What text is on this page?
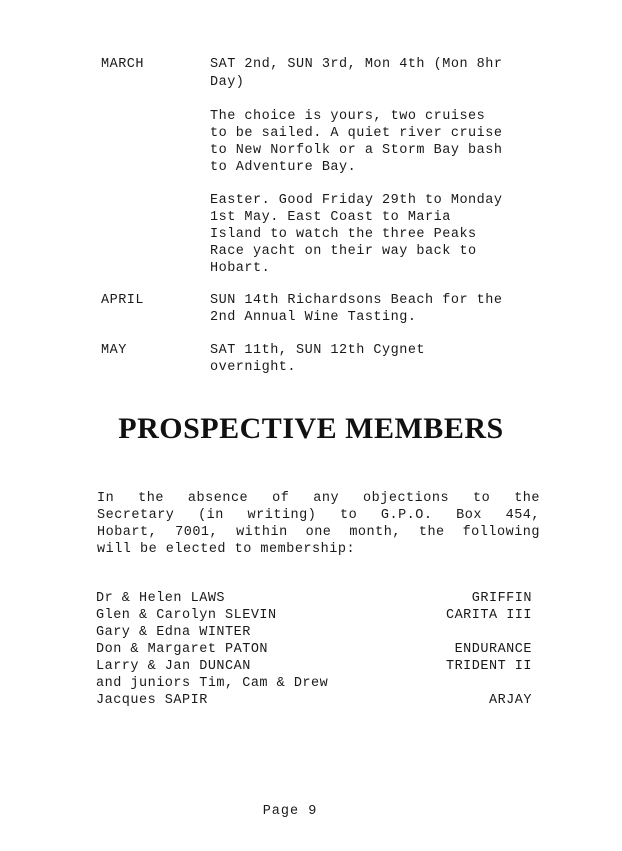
MARCH	SAT 2nd, SUN 3rd, Mon 4th (Mon 8hr
Day)
The choice is yours, two cruises
to be sailed. A quiet river cruise
to New Norfolk or a Storm Bay bash
to Adventure Bay.
Easter. Good Friday 29th to Monday
1st May. East Coast to Maria
Island to watch the three Peaks
Race yacht on their way back to
Hobart.
APRIL	SUN 14th Richardsons Beach for the
2nd Annual Wine Tasting.
MAY	SAT 11th, SUN 12th Cygnet
overnight.
PROSPECTIVE MEMBERS
In the absence of any objections to the
Secretary (in writing) to G.P.O. Box 454,
Hobart, 7001, within one month, the following
will be elected to membership:
Dr & Helen LAWS	GRIFFIN
Glen & Carolyn SLEVIN	CARITA III
Gary & Edna WINTER
Don & Margaret PATON	ENDURANCE
Larry & Jan DUNCAN	TRIDENT II
and juniors Tim, Cam & Drew
Jacques SAPIR	ARJAY
Page 9
